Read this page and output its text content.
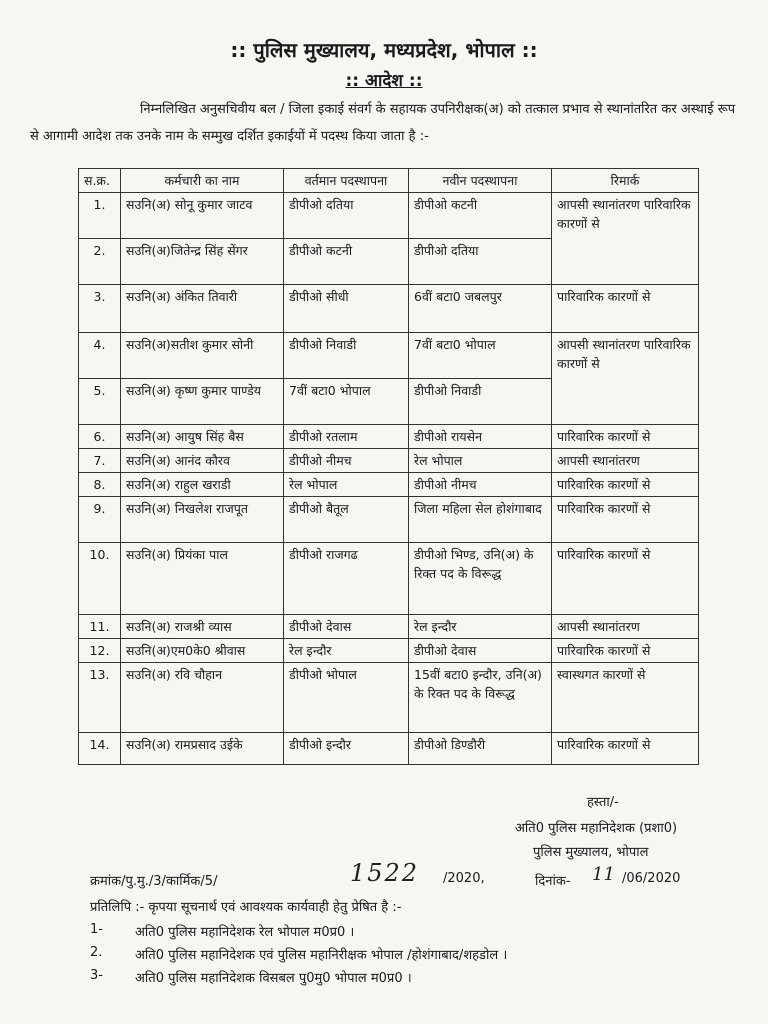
:: पुलिस मुख्यालय, मध्यप्रदेश, भोपाल ::
:: आदेश ::
निम्नलिखित अनुसचिवीय बल / जिला इकाई संवर्ग के सहायक उपनिरीक्षक(अ) को तत्काल प्रभाव से स्थानांतरित कर अस्थाई रूप से आगामी आदेश तक उनके नाम के सम्मुख दर्शित इकाईयों में पदस्थ किया जाता है :-
स.क्र.	कर्मचारी का नाम	वर्तमान पदस्थापना	नवीन पदस्थापना	रिमार्क
1.	सउनि(अ) सोनू कुमार जाटव	डीपीओ दतिया	डीपीओ कटनी	आपसी स्थानांतरण पारिवारिक कारणों से
2.	सउनि(अ)जितेन्द्र सिंह सेंगर	डीपीओ कटनी	डीपीओ दतिया	
3.	सउनि(अ) अंकित तिवारी	डीपीओ सीधी	6वीं बटा0 जबलपुर	पारिवारिक कारणों से
4.	सउनि(अ)सतीश कुमार सोनी	डीपीओ निवाडी	7वीं बटा0 भोपाल	आपसी स्थानांतरण पारिवारिक कारणों से
5.	सउनि(अ) कृष्ण कुमार पाण्डेय	7वीं बटा0 भोपाल	डीपीओ निवाडी	
6.	सउनि(अ) आयुष सिंह बैस	डीपीओ रतलाम	डीपीओ रायसेन	पारिवारिक कारणों से
7.	सउनि(अ) आनंद कौरव	डीपीओ नीमच	रेल भोपाल	आपसी स्थानांतरण
8.	सउनि(अ) राहुल खराडी	रेल भोपाल	डीपीओ नीमच	पारिवारिक कारणों से
9.	सउनि(अ) निखलेश राजपूत	डीपीओ बैतूल	जिला महिला सेल होशंगाबाद	पारिवारिक कारणों से
10.	सउनि(अ) प्रियंका पाल	डीपीओ राजगढ	डीपीओ भिण्ड, उनि(अ) के रिक्त पद के विरूद्ध	पारिवारिक कारणों से
11.	सउनि(अ) राजश्री व्यास	डीपीओ देवास	रेल इन्दौर	आपसी स्थानांतरण
12.	सउनि(अ)एम0के0 श्रीवास	रेल इन्दौर	डीपीओ देवास	पारिवारिक कारणों से
13.	सउनि(अ) रवि चौहान	डीपीओ भोपाल	15वीं बटा0 इन्दौर, उनि(अ) के रिक्त पद के विरूद्ध	स्वास्थगत कारणों से
14.	सउनि(अ) रामप्रसाद उईके	डीपीओ इन्दौर	डीपीओ डिण्डौरी	पारिवारिक कारणों से
हस्ता/-
अति0 पुलिस महानिदेशक (प्रशा0)
पुलिस मुख्यालय, भोपाल
क्रमांक/पु.मु./3/कार्मिक/5/	1522 /2020,	दिनांक- 11 /06/2020
प्रतिलिपि :- कृपया सूचनार्थ एवं आवश्यक कार्यवाही हेतु प्रेषित है :-
1- अति0 पुलिस महानिदेशक रेल भोपाल म0प्र0 ।
2.	अति0 पुलिस महानिदेशक एवं पुलिस महानिरीक्षक भोपाल /होशंगाबाद/शहडोल ।
3- अति0 पुलिस महानिदेशक विसबल पु0मु0 भोपाल म0प्र0 ।
